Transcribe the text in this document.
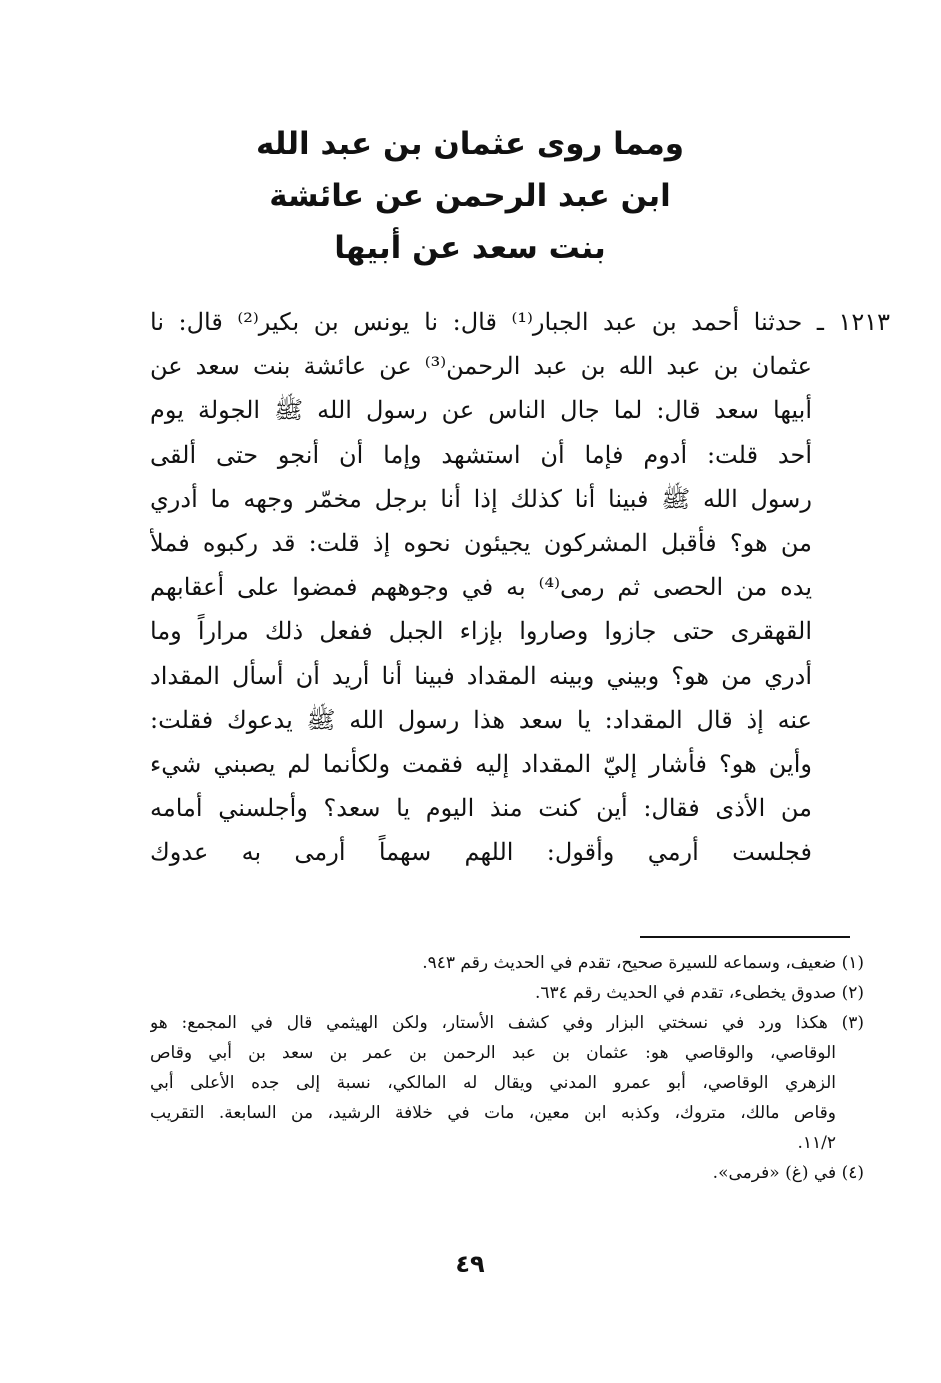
ومما روى عثمان بن عبد الله
ابن عبد الرحمن عن عائشة
بنت سعد عن أبيها
١٢١٣ ـ حدثنا أحمد بن عبد الجبار⁽¹⁾ قال: نا يونس بن بكير⁽²⁾ قال: نا
عثمان بن عبد الله بن عبد الرحمن⁽³⁾ عن عائشة بنت سعد عن
أبيها سعد قال: لما جال الناس عن رسول الله ﷺ الجولة يوم
أحد قلت: أدوم فإما أن استشهد وإما أن أنجو حتى ألقى
رسول الله ﷺ فبينا أنا كذلك إذا أنا برجل مخمّر وجهه ما أدري
من هو؟ فأقبل المشركون يجيئون نحوه إذ قلت: قد ركبوه فملأ
يده من الحصى ثم رمى⁽⁴⁾ به في وجوههم فمضوا على أعقابهم
القهقرى حتى جازوا وصاروا بإزاء الجبل ففعل ذلك مراراً وما
أدري من هو؟ وبيني وبينه المقداد فبينا أنا أريد أن أسأل المقداد
عنه إذ قال المقداد: يا سعد هذا رسول الله ﷺ يدعوك فقلت:
وأين هو؟ فأشار إليّ المقداد إليه فقمت ولكأنما لم يصبني شيء
من الأذى فقال: أين كنت منذ اليوم يا سعد؟ وأجلسني أمامه
فجلست أرمي وأقول: اللهم سهماً أرمى به عدوك
(١) ضعيف، وسماعه للسيرة صحيح، تقدم في الحديث رقم ٩٤٣.
(٢) صدوق يخطىء، تقدم في الحديث رقم ٦٣٤.
(٣) هكذا ورد في نسختي البزار وفي كشف الأستار، ولكن الهيثمي قال في المجمع: هو
الوقاصي، والوقاصي هو: عثمان بن عبد الرحمن بن عمر بن سعد بن أبي وقاص
الزهري الوقاصي، أبو عمرو المدني ويقال له المالكي، نسبة إلى جده الأعلى أبي
وقاص مالك، متروك، وكذبه ابن معين، مات في خلافة الرشيد، من السابعة. التقريب
١١/٢.
(٤) في (غ) «فرمى».
٤٩
